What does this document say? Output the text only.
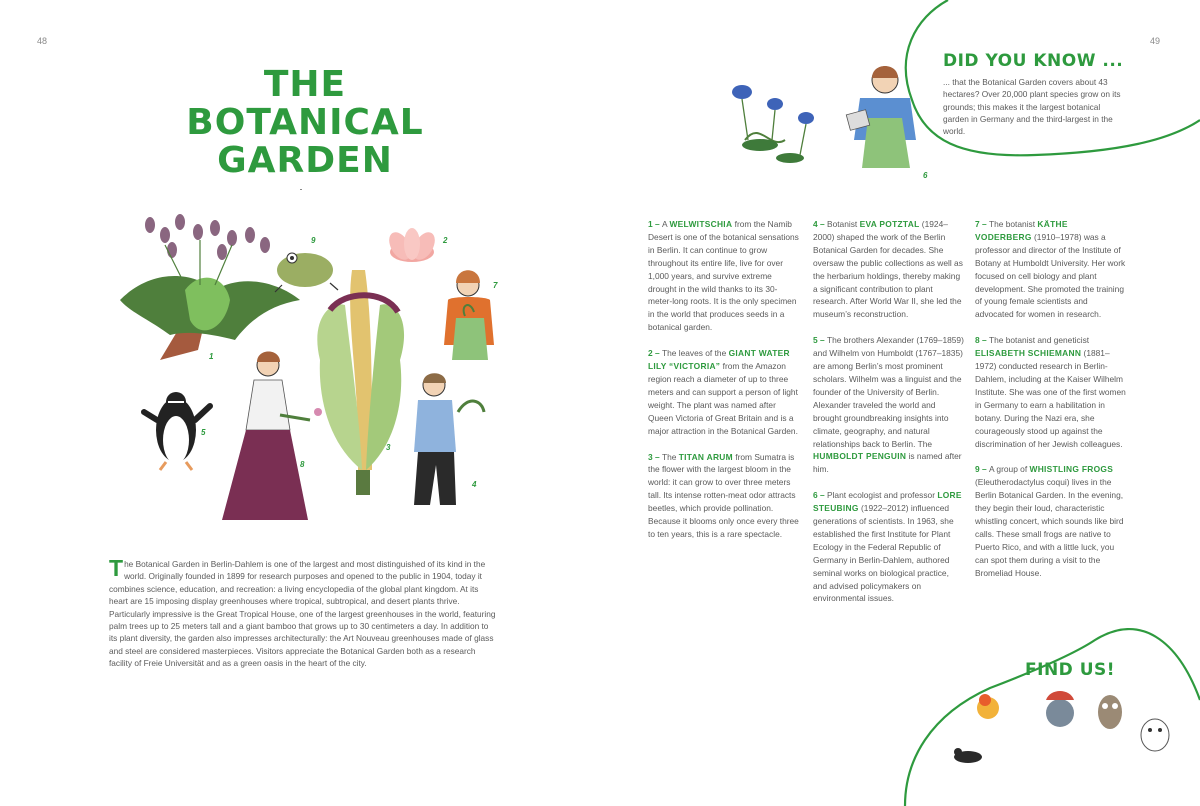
48	49
1
2
3
4
5
6
7
8
9
THE
BOTANICAL
GARDEN
The Botanical Garden in Berlin-Dahlem is one of the largest and most distinguished of its kind in the world. Originally founded in 1899 for research purposes and opened to the public in 1904, today it combines science, education, and recreation: a living encyclopedia of the global plant kingdom. At its heart are 15 imposing display greenhouses where tropical, subtropical, and desert plants thrive. Particularly impressive is the Great Tropical House, one of the largest greenhouses in the world, featuring palm trees up to 25 meters tall and a giant bamboo that grows up to 30 centimeters a day. In addition to its plant diversity, the garden also impresses architecturally: the Art Nouveau greenhouses made of glass and steel are considered masterpieces. Visitors appreciate the Botanical Garden both as a research facility of Freie Universität and as a green oasis in the heart of the city.
1 – A WELWITSCHIA from the Namib Desert is one of the botanical sensations in Berlin. It can continue to grow throughout its entire life, live for over 1,000 years, and survive extreme drought in the wild thanks to its 30-meter-long roots. It is the only specimen in the world that produces seeds in a botanical garden.
2 – The leaves of the GIANT WATER LILY “VICTORIA” from the Amazon region reach a diameter of up to three meters and can support a person of light weight. The plant was named after Queen Victoria of Great Britain and is a major attraction in the Botanical Garden.
3 – The TITAN ARUM from Sumatra is the flower with the largest bloom in the world: it can grow to over three meters tall. Its intense rotten-meat odor attracts beetles, which provide pollination. Because it blooms only once every three to ten years, this is a rare spectacle.
4 – Botanist EVA POTZTAL (1924–2000) shaped the work of the Berlin Botanical Garden for decades. She oversaw the public collections as well as the herbarium holdings, thereby making a significant contribution to plant research. After World War II, she led the museum’s reconstruction.
5 – The brothers Alexander (1769–1859) and Wilhelm von Humboldt (1767–1835) are among Berlin’s most prominent scholars. Wilhelm was a linguist and the founder of the University of Berlin. Alexander traveled the world and brought groundbreaking insights into climate, geography, and natural relationships back to Berlin. The HUMBOLDT PENGUIN is named after him.
6 – Plant ecologist and professor LORE STEUBING (1922–2012) influenced generations of scientists. In 1963, she established the first Institute for Plant Ecology in the Federal Republic of Germany in Berlin-Dahlem, authored seminal works on biological practice, and advised policymakers on environmental issues.
7 – The botanist KÄTHE VODERBERG (1910–1978) was a professor and director of the Institute of Botany at Humboldt University. Her work focused on cell biology and plant development. She promoted the training of young female scientists and advocated for women in research.
8 – The botanist and geneticist ELISABETH SCHIEMANN (1881–1972) conducted research in Berlin-Dahlem, including at the Kaiser Wilhelm Institute. She was one of the first women in Germany to earn a habilitation in botany. During the Nazi era, she courageously stood up against the discrimination of her Jewish colleagues.
9 – A group of WHISTLING FROGS (Eleutherodactylus coqui) lives in the Berlin Botanical Garden. In the evening, they begin their loud, characteristic whistling concert, which sounds like bird calls. These small frogs are native to Puerto Rico, and with a little luck, you can spot them during a visit to the Bromeliad House.
DID YOU KNOW ...
... that the Botanical Garden covers about 43 hectares? Over 20,000 plant species grow on its grounds; this makes it the largest botanical garden in Germany and the third-largest in the world.
FIND US!
